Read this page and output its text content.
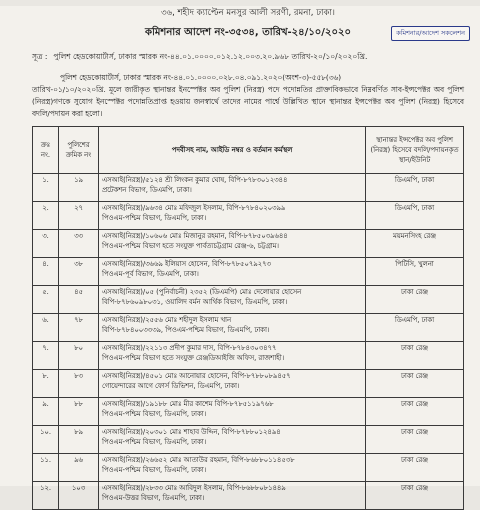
৩৬, শহীদ ক্যাপ্টেন মনসুর আলী সরণী, রমনা, ঢাকা।
কমিশনার আদেশ নং-৩৫৩৪, তারিখ-২৪/১০/২০২০	কমিশনার/আদেশ সকলেশন
সূত্র : পুলিশ হেডকোয়ার্টার্স, ঢাকার স্মারক নং-৪৪.০১.০০০০.০১২.১২.০০৩.২০.৯৬৮ তারিখ-২০/১০/২০২০খ্রি.
পুলিশ হেডকোয়ার্টার্স, ঢাকার স্মারক নং-৪৪.০১.০০০০.০২৮.০৪.০৯১.২০২০(অংশ-৩)-৫৫৮(৩৬)
তারিখ-০১/১০/২০২০খ্রি. মূলে জারীকৃত স্থানান্তর ইনস্পেক্টর অব পুলিশ (নিরস্ত্র) পদে পদোন্নতির প্রাক্তাবিকভাবে নিম্নবর্ণিত সাব-ইন্সপেক্টর অব পুলিশ (নিরস্ত্র)গণকে সুযোগ ইনস্পেক্টর পদোন্নতিপ্রাপ্ত হওয়ায় জনস্বার্থে তাদের নামের পার্শ্বে উল্লিখিত স্থানে স্থানান্তর ইন্সপেক্টর অব পুলিশ (নিরস্ত্র) হিসেবে বদলি/পদায়ন করা হলো।
ক্রঃ নং.	পুলিশের ক্রমিক নং	পদবীসহ নাম, আইডি নম্বর ও বর্তমান কর্মস্থল	স্থানান্তর ইন্সপেক্টর অব পুলিশ (নিরস্ত্র) হিসেবে বদলি/পদায়নকৃত স্থান/ইউনিট
১.	১৯	এসআই(নিরস্ত্র)/৫১২৪ শ্রী লিংকন কুমার ঘোষ, বিপি-৮৭৮৩০১২৩৪৪
প্রটেকশন বিভাগ, ডিএমপি, ঢাকা।	ডিএমপি, ঢাকা
২.	২৭	এসআই(নিরস্ত্র)/৯৬৩৪ মোঃ মফিজুল ইসলাম, বিপি-৮৭৮৪০২০৩৯৯
পিওএম-পশ্চিম বিভাগ, ডিএমপি, ঢাকা।	ডিএমপি, ঢাকা
৩.	৩৩	এসআই(নিরস্ত্র)/১০৬০৬ মোঃ মিজানুর রহমান, বিপি-৮৭৮৫০৩৯৬৪৪
পিওএম-পশ্চিম বিভাগ হতে সংযুক্ত পার্বত্যচট্টগ্রাম রেঞ্জ-৬, চট্টগ্রাম।	ময়মনসিংহ রেঞ্জ
৪.	৩৮	এসআই(নিরস্ত্র)/৩৬৬৯ ইলিয়াস হোসেন, বিপি-৮৭৮৫০৭৯২৭৩
পিওএম-পূর্ব বিভাগ, ডিএমপি, ঢাকা।	পিটিসি, খুলনা
৫.	৪৫	এসআই(নিরস্ত্র)/০৫ (পুনির্বাচনী) ২৩৫২ (ডিএমপি) মোঃ দেলোয়ার হোসেন বিপি-৮৭৮৬০৯৮০৩১, ওয়ালিদ বর্মন আর্থিক বিভাগ, ডিএমপি, ঢাকা।	ঢাকা রেঞ্জ
৬.	৭৮	এসআই(নিরস্ত্র)/২৫৫৬ মোঃ শহীদুল ইসলাম খান
বিপি-৮৭৮৪০০৩৩৩৯, পিওএম-পশ্চিম বিভাগ, ডিএমপি, ঢাকা।	ডিএমপি, ঢাকা
৭.	৮০	এসআই(নিরস্ত্র)/২২১১৩ প্রদীপ কুমার দাস, বিপি-৮৭৮৪৩০৩৪৭৭
পিওএম-পশ্চিম বিভাগ হতে সংযুক্ত রেঞ্জডিআইজি অফিস, রাজশাহী।	ঢাকা রেঞ্জ
৮.	৮৩	এসআই(নিরস্ত্র)/৪৫০১ মোঃ আনোয়ার হোসেন, বিপি-৮৭৮৮০৮৯৪৫৭
গোয়েন্দারের আগে ফোর্স ডিভিশন, ডিএমপি, ঢাকা।	ঢাকা রেঞ্জ
৯.	৮৮	এসআই(নিরস্ত্র)/১৯১৮৮ মোঃ মীর কাশেম বিপি-৮৭৮৫১১৯৭৬৮
পিওএম-পশ্চিম বিভাগ, ডিএমপি, ঢাকা।	ঢাকা রেঞ্জ
১০.	৮৯	এসআই(নিরস্ত্র)/২০৩০১ মোঃ শাহাব উদ্দিন, বিপি-৮৭৮৮০১২৪৯৪
পিওএম-পশ্চিম বিভাগ, ডিএমপি, ঢাকা।	ঢাকা রেঞ্জ
১১.	৯৬	এসআই(নিরস্ত্র)/২৬৬৫২ মোঃ আতাউর রহমান, বিপি-৮৬৮৮০১১৪৫৩৮
পিওএম-পশ্চিম বিভাগ, ডিএমপি, ঢাকা।	ঢাকা রেঞ্জ
১২.	১০৩	এসআই(নিরস্ত্র)/২৮৩৩ মোঃ আবিদুল ইসলাম, বিপি-৮৬৮৮০৮১৪৪৯
পিওএম-উত্তর বিভাগ, ডিএমপি, ঢাকা।	ঢাকা রেঞ্জ
